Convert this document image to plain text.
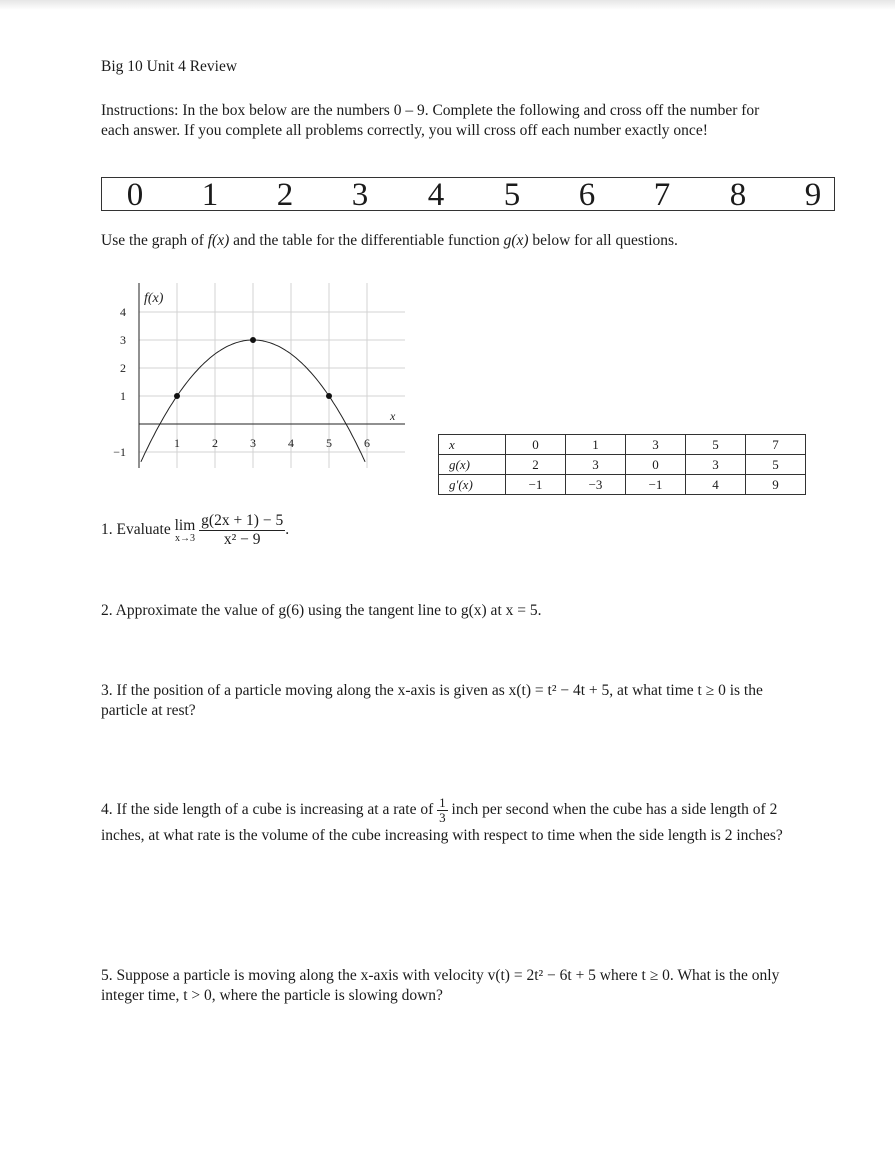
Big 10 Unit 4 Review
Instructions: In the box below are the numbers 0 – 9. Complete the following and cross off the number for each answer. If you complete all problems correctly, you will cross off each number exactly once!
0 1 2 3 4 5 6 7 8 9
Use the graph of f(x) and the table for the differentiable function g(x) below for all questions.
f(x)
x
1	2	3	4	5	6
4
3
2
1
−1
x	0	1	3	5	7
g(x)	2	3	0	3	5
g′(x)	−1	−3	−1	4	9
1. Evaluate lim
x→3
$\frac{g(2x + 1) - 5}{\text{x² − 9}}$ .
2. Approximate the value of g(6) using the tangent line to g(x) at x = 5.
3. If the position of a particle moving along the x-axis is given as x(t) = t² − 4t + 5, at what time t ≥ 0 is the particle at rest?
4. If the side length of a cube is increasing at a rate of $\frac{1}{3}$ inch per second when the cube has a side length of 2 inches, at what rate is the volume of the cube increasing with respect to time when the side length is 2 inches?
5. Suppose a particle is moving along the x-axis with velocity v(t) = 2t² − 6t + 5 where t ≥ 0. What is the only integer time, t > 0, where the particle is slowing down?
